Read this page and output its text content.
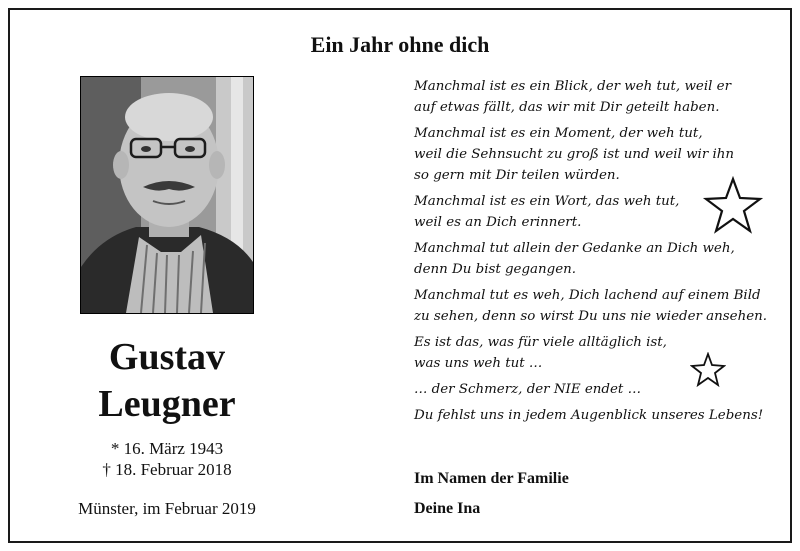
Ein Jahr ohne dich
Gustav
Leugner
* 16. März 1943
† 18. Februar 2018
Münster, im Februar 2019
Manchmal ist es ein Blick, der weh tut, weil er
auf etwas fällt, das wir mit Dir geteilt haben.
Manchmal ist es ein Moment, der weh tut,
weil die Sehnsucht zu groß ist und weil wir ihn
so gern mit Dir teilen würden.
Manchmal ist es ein Wort, das weh tut,
weil es an Dich erinnert.
Manchmal tut allein der Gedanke an Dich weh,
denn Du bist gegangen.
Manchmal tut es weh, Dich lachend auf einem Bild
zu sehen, denn so wirst Du uns nie wieder ansehen.
Es ist das, was für viele alltäglich ist,
was uns weh tut …
… der Schmerz, der NIE endet …
Du fehlst uns in jedem Augenblick unseres Lebens!
Im Namen der Familie
Deine Ina
